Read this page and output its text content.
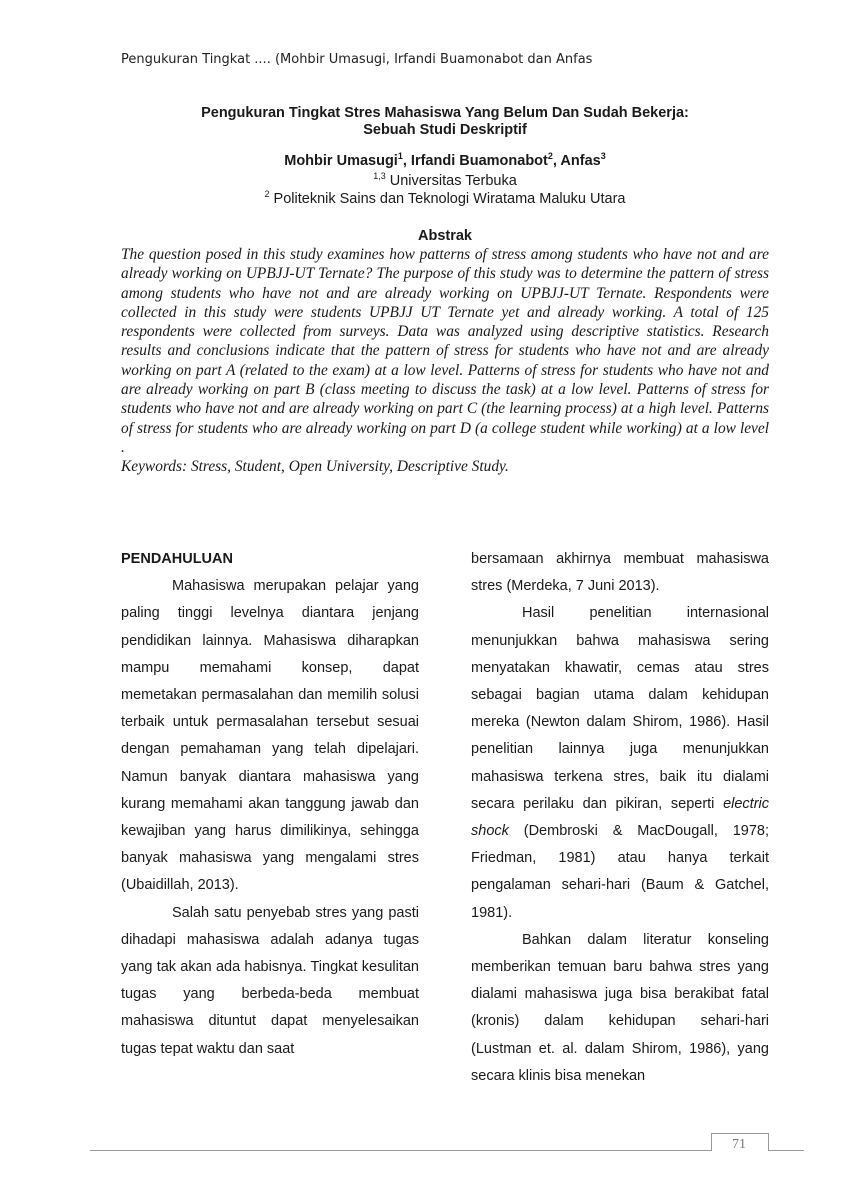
Pengukuran Tingkat .... (Mohbir Umasugi, Irfandi Buamonabot dan Anfas
Pengukuran Tingkat Stres Mahasiswa Yang Belum Dan Sudah Bekerja:
Sebuah Studi Deskriptif
Mohbir Umasugi$^1$, Irfandi Buamonabot$^2$, Anfas$^3$
$^{1,3}$ Universitas Terbuka
$^2$ Politeknik Sains dan Teknologi Wiratama Maluku Utara
Abstrak

The question posed in this study examines how patterns of stress among students who have not and are already working on UPBJJ-UT Ternate? The purpose of this study was to determine the pattern of stress among students who have not and are already working on UPBJJ-UT Ternate. Respondents were collected in this study were students UPBJJ UT Ternate yet and already working. A total of 125 respondents were collected from surveys. Data was analyzed using descriptive statistics. Research results and conclusions indicate that the pattern of stress for students who have not and are already working on part A (related to the exam) at a low level. Patterns of stress for students who have not and are already working on part B (class meeting to discuss the task) at a low level. Patterns of stress for students who have not and are already working on part C (the learning process) at a high level. Patterns of stress for students who are already working on part D (a college student while working) at a low level .

Keywords: Stress, Student, Open University, Descriptive Study.

PENDAHULUAN

Mahasiswa merupakan pelajar yang paling tinggi levelnya diantara jenjang pendidikan lainnya. Mahasiswa diharapkan mampu memahami konsep, dapat memetakan permasalahan dan memilih solusi terbaik untuk permasalahan tersebut sesuai dengan pemahaman yang telah dipelajari. Namun banyak diantara mahasiswa yang kurang memahami akan tanggung jawab dan kewajiban yang harus dimilikinya, sehingga banyak mahasiswa yang mengalami stres (Ubaidillah, 2013).

Salah satu penyebab stres yang pasti dihadapi mahasiswa adalah adanya tugas yang tak akan ada habisnya. Tingkat kesulitan tugas yang berbeda-beda membuat mahasiswa dituntut dapat menyelesaikan tugas tepat waktu dan saat

bersamaan akhirnya membuat mahasiswa stres (Merdeka, 7 Juni 2013).

Hasil penelitian internasional menunjukkan bahwa mahasiswa sering menyatakan khawatir, cemas atau stres sebagai bagian utama dalam kehidupan mereka (Newton dalam Shirom, 1986). Hasil penelitian lainnya juga menunjukkan mahasiswa terkena stres, baik itu dialami secara perilaku dan pikiran, seperti electric shock (Dembroski & MacDougall, 1978; Friedman, 1981) atau hanya terkait pengalaman sehari-hari (Baum & Gatchel, 1981).

Bahkan dalam literatur konseling memberikan temuan baru bahwa stres yang dialami mahasiswa juga bisa berakibat fatal (kronis) dalam kehidupan sehari-hari (Lustman et. al. dalam Shirom, 1986), yang secara klinis bisa menekan

71
